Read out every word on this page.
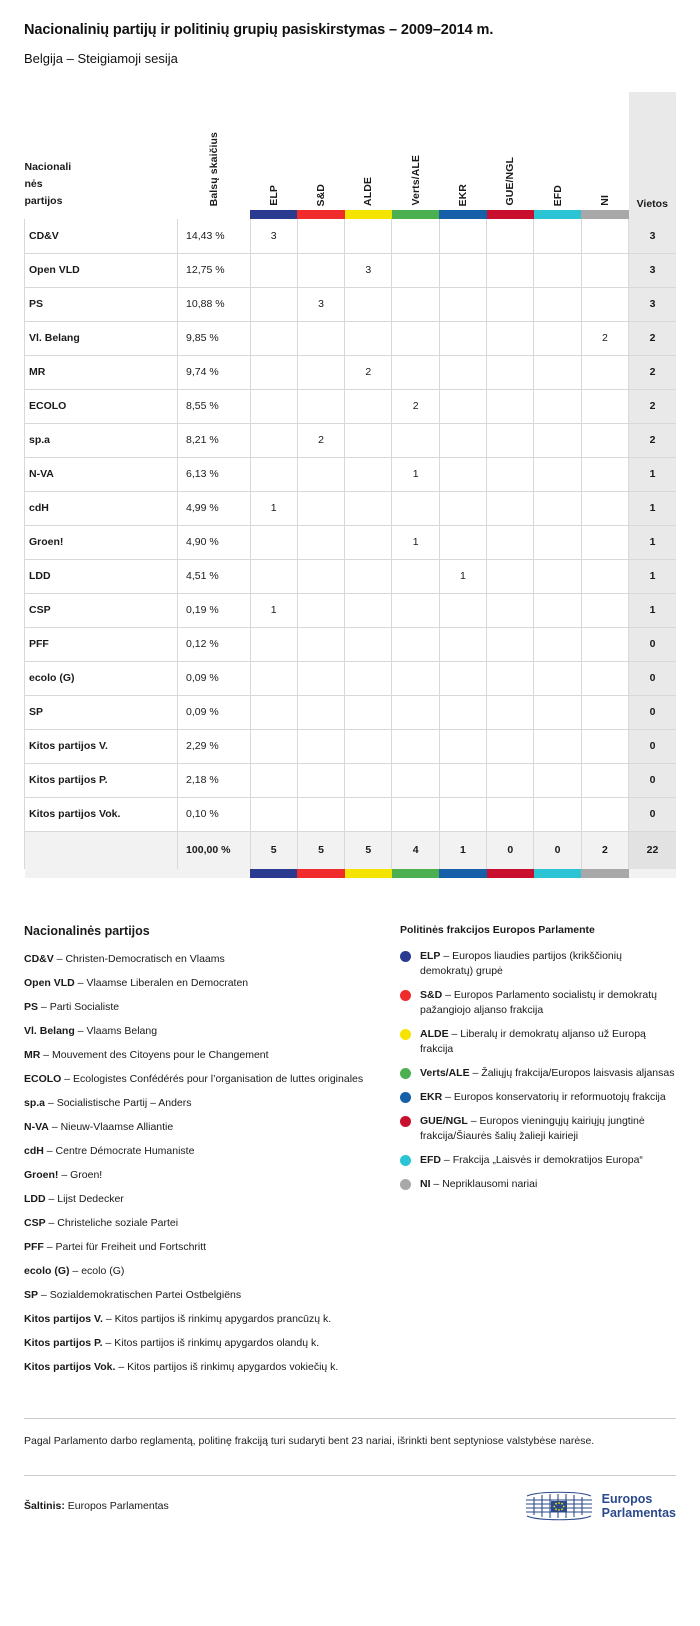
Nacionalinių partijų ir politinių grupių pasiskirstymas – 2009–2014 m.
Belgija – Steigiamoji sesija
Nacionali
nės
partijos	Balsų skaičius	ELP	S&D	ALDE	Verts/ALE	EKR	GUE/NGL	EFD	NI	Vietos

CD&V	14,43 %	3								3
Open VLD	12,75 %			3						3
PS	10,88 %		3							3
Vl. Belang	9,85 %								2	2
MR	9,74 %			2						2
ECOLO	8,55 %				2					2
sp.a	8,21 %		2							2
N-VA	6,13 %				1					1
cdH	4,99 %	1								1
Groen!	4,90 %				1					1
LDD	4,51 %					1				1
CSP	0,19 %	1								1
PFF	0,12 %									0
ecolo (G)	0,09 %									0
SP	0,09 %									0
Kitos partijos V.	2,29 %									0
Kitos partijos P.	2,18 %									0
Kitos partijos Vok.	0,10 %									0
	100,00 %	5	5	5	4	1	0	0	2	22

Nacionalinės partijos
CD&V – Christen-Democratisch en Vlaams
Open VLD – Vlaamse Liberalen en Democraten
PS – Parti Socialiste
Vl. Belang – Vlaams Belang
MR – Mouvement des Citoyens pour le Changement
ECOLO – Ecologistes Confédérés pour l’organisation de luttes originales
sp.a – Socialistische Partij – Anders
N-VA – Nieuw-Vlaamse Alliantie
cdH – Centre Démocrate Humaniste
Groen! – Groen!
LDD – Lijst Dedecker
CSP – Christeliche soziale Partei
PFF – Partei für Freiheit und Fortschritt
ecolo (G) – ecolo (G)
SP – Sozialdemokratischen Partei Ostbelgiëns
Kitos partijos V. – Kitos partijos iš rinkimų apygardos prancūzų k.
Kitos partijos P. – Kitos partijos iš rinkimų apygardos olandų k.
Kitos partijos Vok. – Kitos partijos iš rinkimų apygardos vokiečių k.
Politinės frakcijos Europos Parlamente
ELP – Europos liaudies partijos (krikščionių demokratų) grupė
S&D – Europos Parlamento socialistų ir demokratų pažangiojo aljanso frakcija
ALDE – Liberalų ir demokratų aljanso už Europą frakcija
Verts/ALE – Žaliųjų frakcija/Europos laisvasis aljansas
EKR – Europos konservatorių ir reformuotojų frakcija
GUE/NGL – Europos vieningųjų kairiųjų jungtinė frakcija/Šiaurės šalių žalieji kairieji
EFD – Frakcija „Laisvės ir demokratijos Europa“
NI – Nepriklausomi nariai
Pagal Parlamento darbo reglamentą, politinę frakciją turi sudaryti bent 23 nariai, išrinkti bent septyniose valstybėse narėse.
Šaltinis: Europos Parlamentas	Europos
Parlamentas
